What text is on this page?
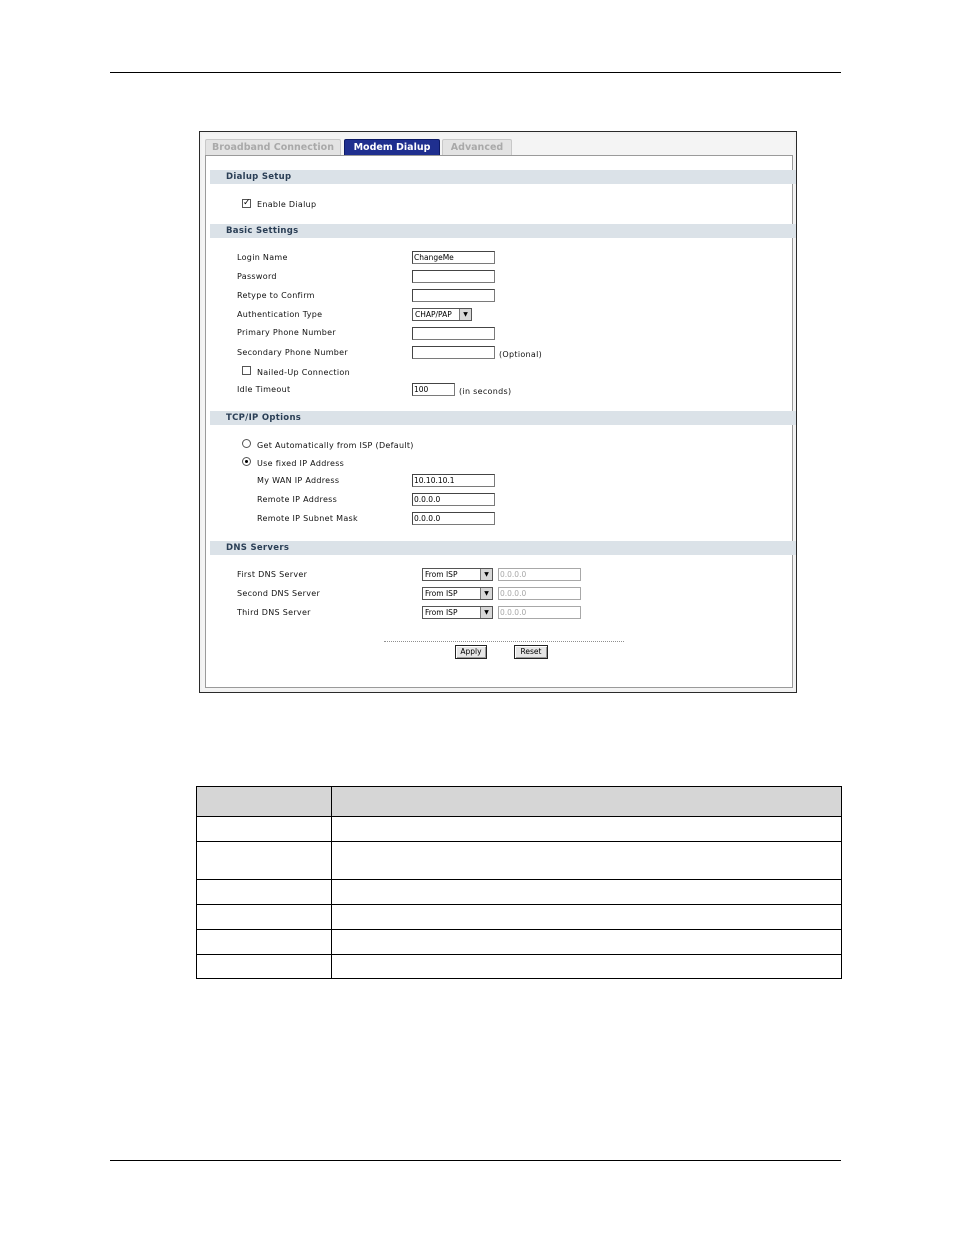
Broadband Connection	Modem Dialup	Advanced
Dialup Setup
✓ Enable Dialup
Basic Settings
Login Name	ChangeMe
Password
Retype to Confirm
Authentication Type	CHAP/PAP	▼
Primary Phone Number
Secondary Phone Number	(Optional)
Nailed-Up Connection
Idle Timeout	100	(in seconds)
TCP/IP Options
Get Automatically from ISP (Default)
Use fixed IP Address
My WAN IP Address	10.10.10.1
Remote IP Address	0.0.0.0
Remote IP Subnet Mask	0.0.0.0
DNS Servers
First DNS Server	From ISP	▼	0.0.0.0
Second DNS Server	From ISP	▼	0.0.0.0
Third DNS Server	From ISP	▼	0.0.0.0
Apply	Reset
